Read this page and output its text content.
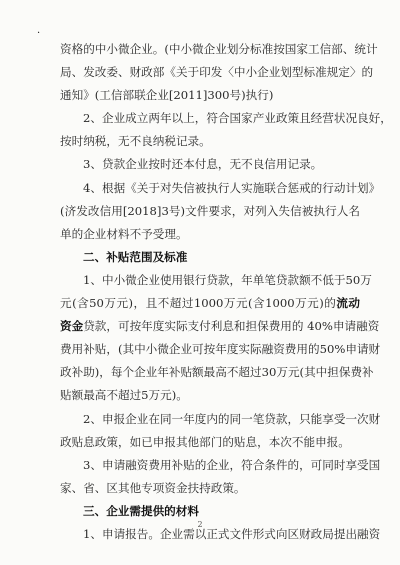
·
资格的中小微企业。(中小微企业划分标准按国家工信部、统计
局、发改委、财政部《关于印发〈中小企业划型标准规定〉的
通知》(工信部联企业[2011]300号)执行)
2、企业成立两年以上，符合国家产业政策且经营状况良好，
按时纳税，无不良纳税记录。
3、贷款企业按时还本付息，无不良信用记录。
4、根据《关于对失信被执行人实施联合惩戒的行动计划》
(济发改信用[2018]3号)文件要求，对列入失信被执行人名
单的企业材料不予受理。
二、补贴范围及标准
1、中小微企业使用银行贷款，年单笔贷款额不低于50万
元(含50万元)，且不超过1000万元(含1000万元)的流动
资金贷款，可按年度实际支付利息和担保费用的 40%申请融资
费用补贴，(其中小微企业可按年度实际融资费用的50%申请财
政补助)，每个企业年补贴额最高不超过30万元(其中担保费补
贴额最高不超过5万元)。
2、申报企业在同一年度内的同一笔贷款，只能享受一次财
政贴息政策，如已申报其他部门的贴息，本次不能申报。
3、申请融资费用补贴的企业，符合条件的，可同时享受国
家、省、区其他专项资金扶持政策。
三、企业需提供的材料
1、申请报告。企业需以正式文件形式向区财政局提出融资
2
